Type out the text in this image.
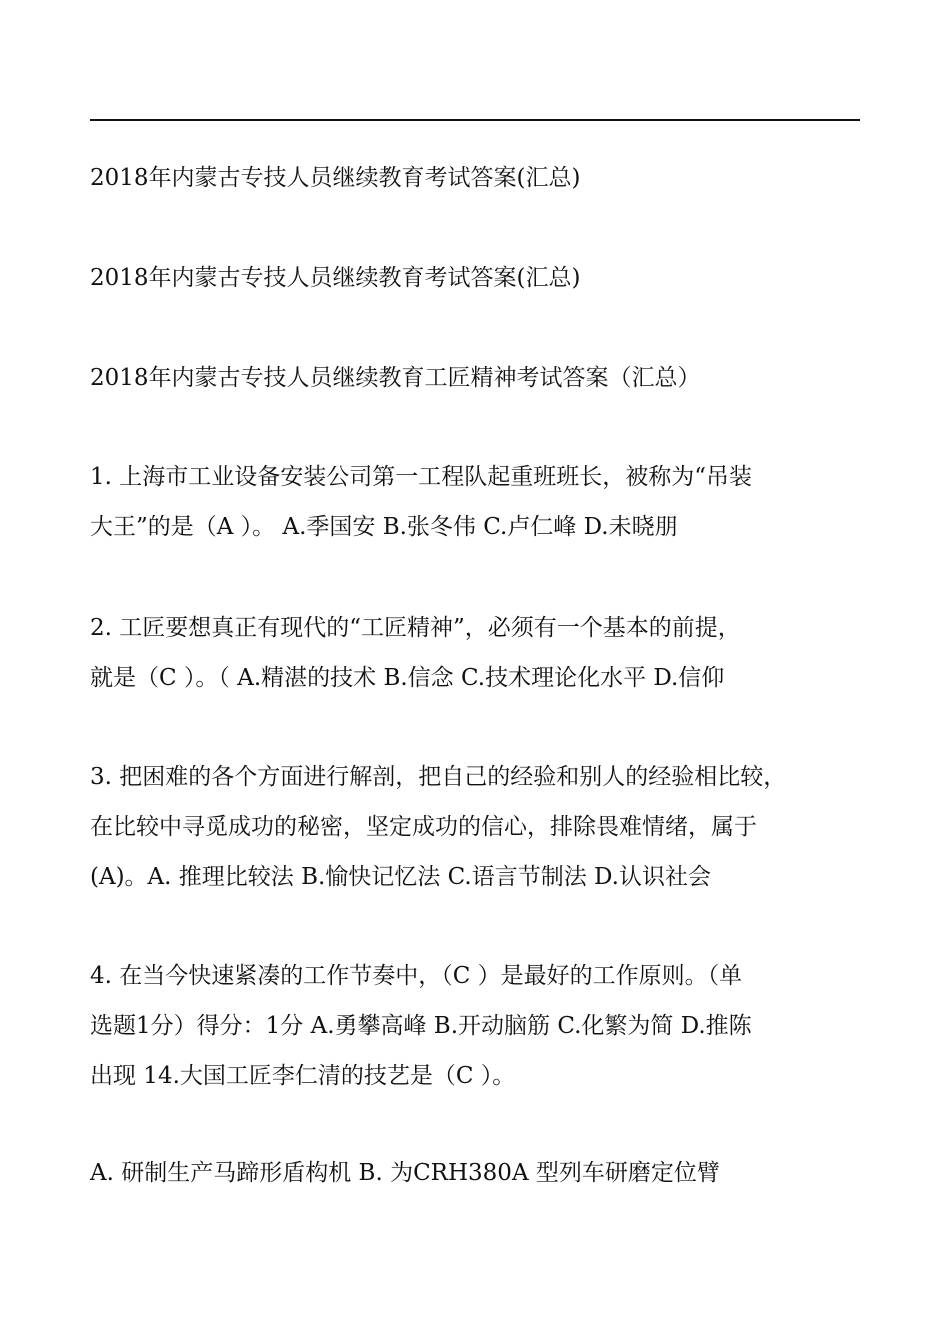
2018年内蒙古专技人员继续教育考试答案(汇总)
2018年内蒙古专技人员继续教育考试答案(汇总)
2018年内蒙古专技人员继续教育工匠精神考试答案（汇总）
1. 上海市工业设备安装公司第一工程队起重班班长，被称为“吊装
大王”的是（A ）。 A.季国安 B.张冬伟 C.卢仁峰 D.未晓朋
2. 工匠要想真正有现代的“工匠精神”，必须有一个基本的前提，
就是（C ）。（ A.精湛的技术 B.信念 C.技术理论化水平 D.信仰
3. 把困难的各个方面进行解剖，把自己的经验和别人的经验相比较，
在比较中寻觅成功的秘密，坚定成功的信心，排除畏难情绪，属于
(A)。A. 推理比较法 B.愉快记忆法 C.语言节制法 D.认识社会
4. 在当今快速紧凑的工作节奏中，（C ）是最好的工作原则。（单
选题1分）得分：1分 A.勇攀高峰 B.开动脑筋 C.化繁为简 D.推陈
出现 14.大国工匠李仁清的技艺是（C ）。
A. 研制生产马蹄形盾构机 B. 为CRH380A 型列车研磨定位臂
